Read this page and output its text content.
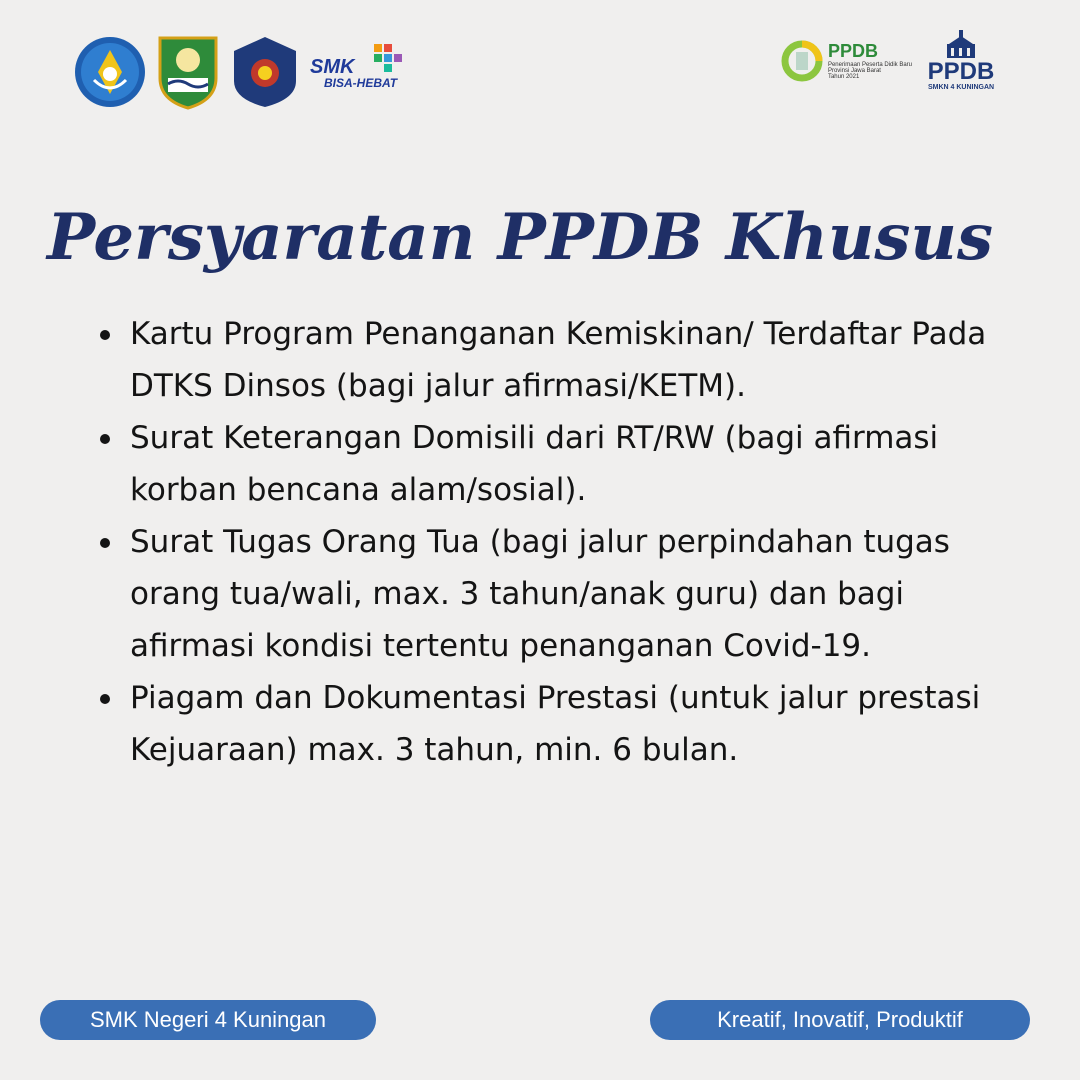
SMK
BISA-HEBAT
PPDB
Penerimaan Peserta Didik Baru
Provinsi Jawa Barat
Tahun 2021	PPDB
SMKN 4 KUNINGAN
Persyaratan PPDB Khusus
Kartu Program Penanganan Kemiskinan/ Terdaftar Pada DTKS Dinsos (bagi jalur afirmasi/KETM).
Surat Keterangan Domisili dari RT/RW (bagi afirmasi korban bencana alam/sosial).
Surat Tugas Orang Tua (bagi jalur perpindahan tugas orang tua/wali, max. 3 tahun/anak guru) dan bagi afirmasi kondisi tertentu penanganan Covid-19.
Piagam dan Dokumentasi Prestasi (untuk jalur prestasi Kejuaraan) max. 3 tahun, min. 6 bulan.
SMK Negeri 4 Kuningan	Kreatif, Inovatif, Produktif
